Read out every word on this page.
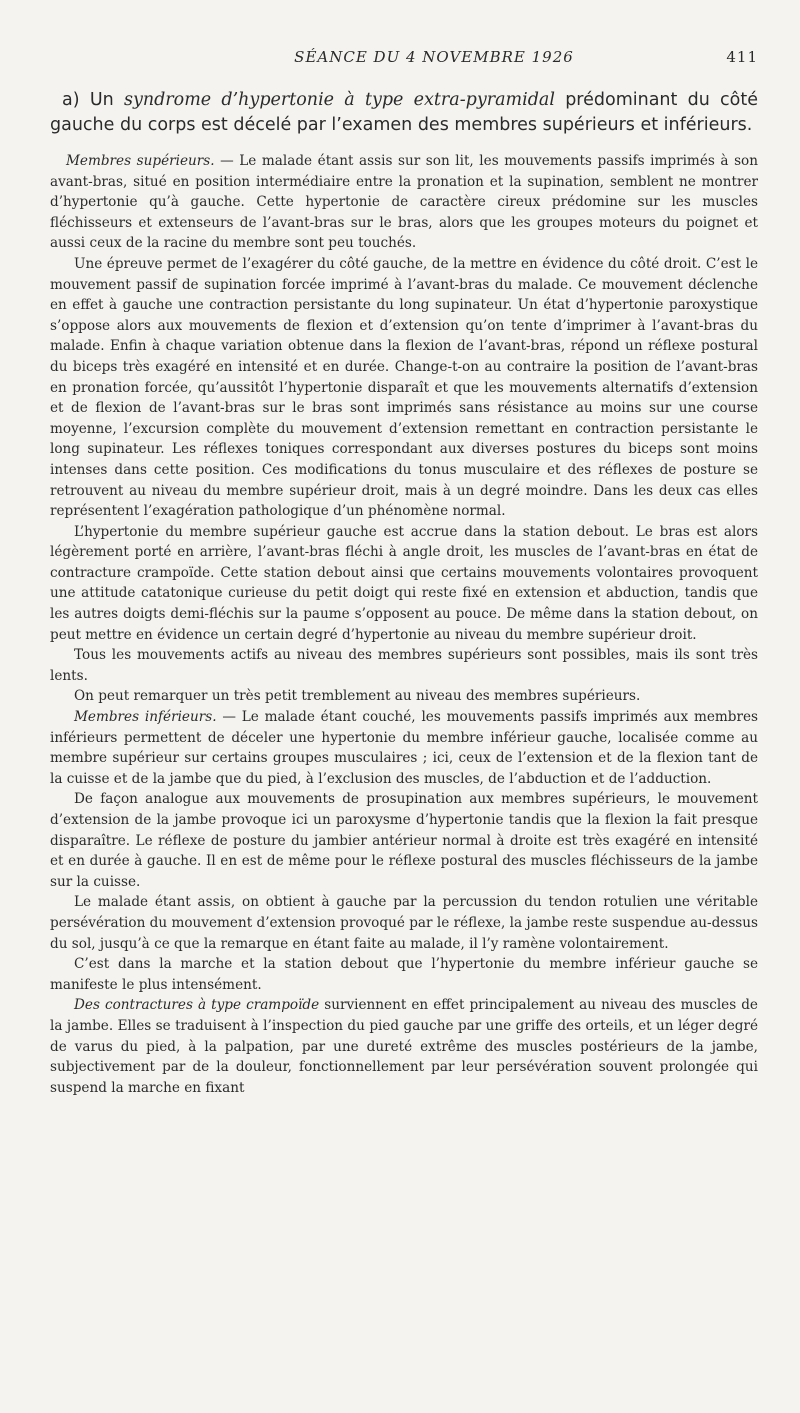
SÉANCE DU 4 NOVEMBRE 1926	411

a) Un syndrome d’hypertonie à type extra-pyramidal prédominant du côté gauche du corps est décelé par l’examen des membres supérieurs et inférieurs.

Membres supérieurs. — Le malade étant assis sur son lit, les mouvements passifs imprimés à son avant-bras, situé en position intermédiaire entre la pronation et la supination, semblent ne montrer d’hypertonie qu’à gauche. Cette hypertonie de caractère cireux prédomine sur les muscles fléchisseurs et extenseurs de l’avant-bras sur le bras, alors que les groupes moteurs du poignet et aussi ceux de la racine du membre sont peu touchés.

Une épreuve permet de l’exagérer du côté gauche, de la mettre en évidence du côté droit. C’est le mouvement passif de supination forcée imprimé à l’avant-bras du malade. Ce mouvement déclenche en effet à gauche une contraction persistante du long supinateur. Un état d’hypertonie paroxystique s’oppose alors aux mouvements de flexion et d’extension qu’on tente d’imprimer à l’avant-bras du malade. Enfin à chaque variation obtenue dans la flexion de l’avant-bras, répond un réflexe postural du biceps très exagéré en intensité et en durée. Change-t-on au contraire la position de l’avant-bras en pronation forcée, qu’aussitôt l’hypertonie disparaît et que les mouvements alternatifs d’extension et de flexion de l’avant-bras sur le bras sont imprimés sans résistance au moins sur une course moyenne, l’excursion complète du mouvement d’extension remettant en contraction persistante le long supinateur. Les réflexes toniques correspondant aux diverses postures du biceps sont moins intenses dans cette position. Ces modifications du tonus musculaire et des réflexes de posture se retrouvent au niveau du membre supérieur droit, mais à un degré moindre. Dans les deux cas elles représentent l’exagération pathologique d’un phénomène normal.

L’hypertonie du membre supérieur gauche est accrue dans la station debout. Le bras est alors légèrement porté en arrière, l’avant-bras fléchi à angle droit, les muscles de l’avant-bras en état de contracture crampoïde. Cette station debout ainsi que certains mouvements volontaires provoquent une attitude catatonique curieuse du petit doigt qui reste fixé en extension et abduction, tandis que les autres doigts demi-fléchis sur la paume s’opposent au pouce. De même dans la station debout, on peut mettre en évidence un certain degré d’hypertonie au niveau du membre supérieur droit.

Tous les mouvements actifs au niveau des membres supérieurs sont possibles, mais ils sont très lents.

On peut remarquer un très petit tremblement au niveau des membres supérieurs.

Membres inférieurs. — Le malade étant couché, les mouvements passifs imprimés aux membres inférieurs permettent de déceler une hypertonie du membre inférieur gauche, localisée comme au membre supérieur sur certains groupes musculaires ; ici, ceux de l’extension et de la flexion tant de la cuisse et de la jambe que du pied, à l’exclusion des muscles, de l’abduction et de l’adduction.

De façon analogue aux mouvements de prosupination aux membres supérieurs, le mouvement d’extension de la jambe provoque ici un paroxysme d’hypertonie tandis que la flexion la fait presque disparaître. Le réflexe de posture du jambier antérieur normal à droite est très exagéré en intensité et en durée à gauche. Il en est de même pour le réflexe postural des muscles fléchisseurs de la jambe sur la cuisse.

Le malade étant assis, on obtient à gauche par la percussion du tendon rotulien une véritable persévération du mouvement d’extension provoqué par le réflexe, la jambe reste suspendue au-dessus du sol, jusqu’à ce que la remarque en étant faite au malade, il l’y ramène volontairement.

C’est dans la marche et la station debout que l’hypertonie du membre inférieur gauche se manifeste le plus intensément.

Des contractures à type crampoïde surviennent en effet principalement au niveau des muscles de la jambe. Elles se traduisent à l’inspection du pied gauche par une griffe des orteils, et un léger degré de varus du pied, à la palpation, par une dureté extrême des muscles postérieurs de la jambe, subjectivement par de la douleur, fonctionnellement par leur persévération souvent prolongée qui suspend la marche en fixant
